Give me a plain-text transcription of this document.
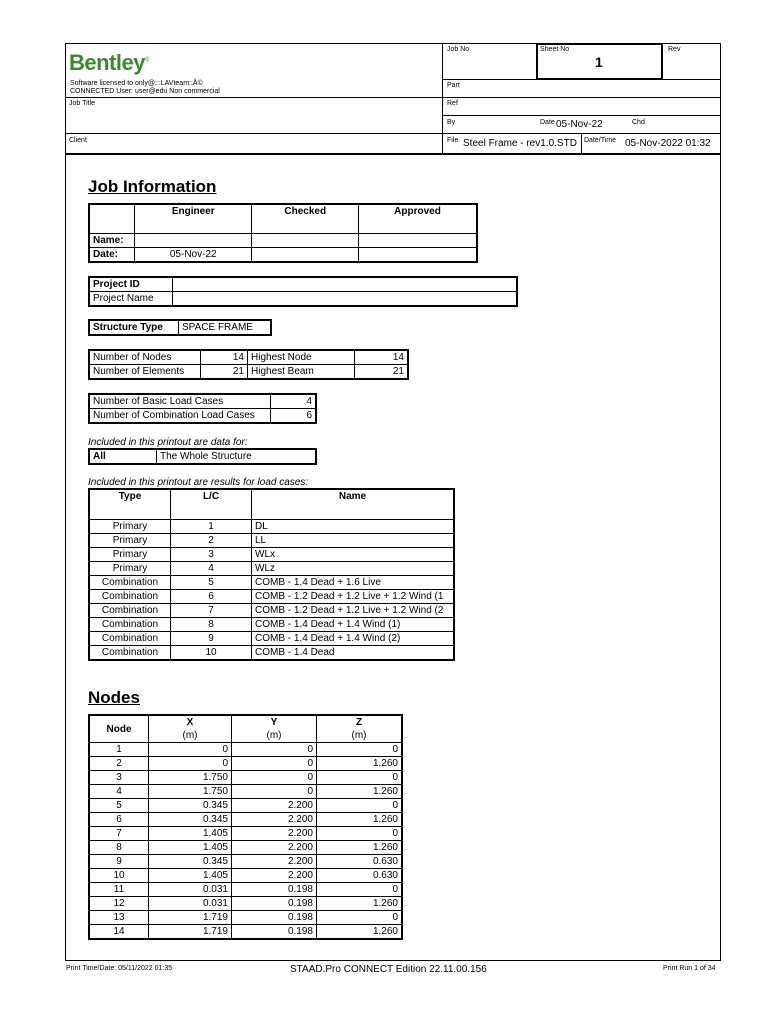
Bentley®
Software licensed to only@:::LAVteam::Å©
CONNECTED User: user@edu Non commercial
Job Title
Client
Job No	Sheet No
1
Rev
Part
Ref
By	Date 05-Nov-22	Chd
File Steel Frame - rev1.0.STD Date/Time 05-Nov-2022 01:32
Job Information
	Engineer	Checked	Approved
Name:			
Date:	05-Nov-22		
Project ID	
Project Name	
Structure Type	SPACE FRAME
Number of Nodes	14	Highest Node	14
Number of Elements	21	Highest Beam	21
Number of Basic Load Cases	4
Number of Combination Load Cases	6
Included in this printout are data for:
All	The Whole Structure
Included in this printout are results for load cases:
Type	L/C	Name
Primary	1	DL
Primary	2	LL
Primary	3	WLx
Primary	4	WLz
Combination	5	COMB - 1.4 Dead + 1.6 Live
Combination	6	COMB - 1.2 Dead + 1.2 Live + 1.2 Wind (1
Combination	7	COMB - 1.2 Dead + 1.2 Live + 1.2 Wind (2
Combination	8	COMB - 1.4 Dead + 1.4 Wind (1)
Combination	9	COMB - 1.4 Dead + 1.4 Wind (2)
Combination	10	COMB - 1.4 Dead
Nodes
Node	X	Y	Z
	(m)	(m)	(m)
1	0	0	0
2	0	0	1.260
3	1.750	0	0
4	1.750	0	1.260
5	0.345	2.200	0
6	0.345	2.200	1.260
7	1.405	2.200	0
8	1.405	2.200	1.260
9	0.345	2.200	0.630
10	1.405	2.200	0.630
11	0.031	0.198	0
12	0.031	0.198	1.260
13	1.719	0.198	0
14	1.719	0.198	1.260
Print Time/Date: 05/11/2022 01:35	STAAD.Pro CONNECT Edition 22.11.00.156	Print Run 1 of 34
